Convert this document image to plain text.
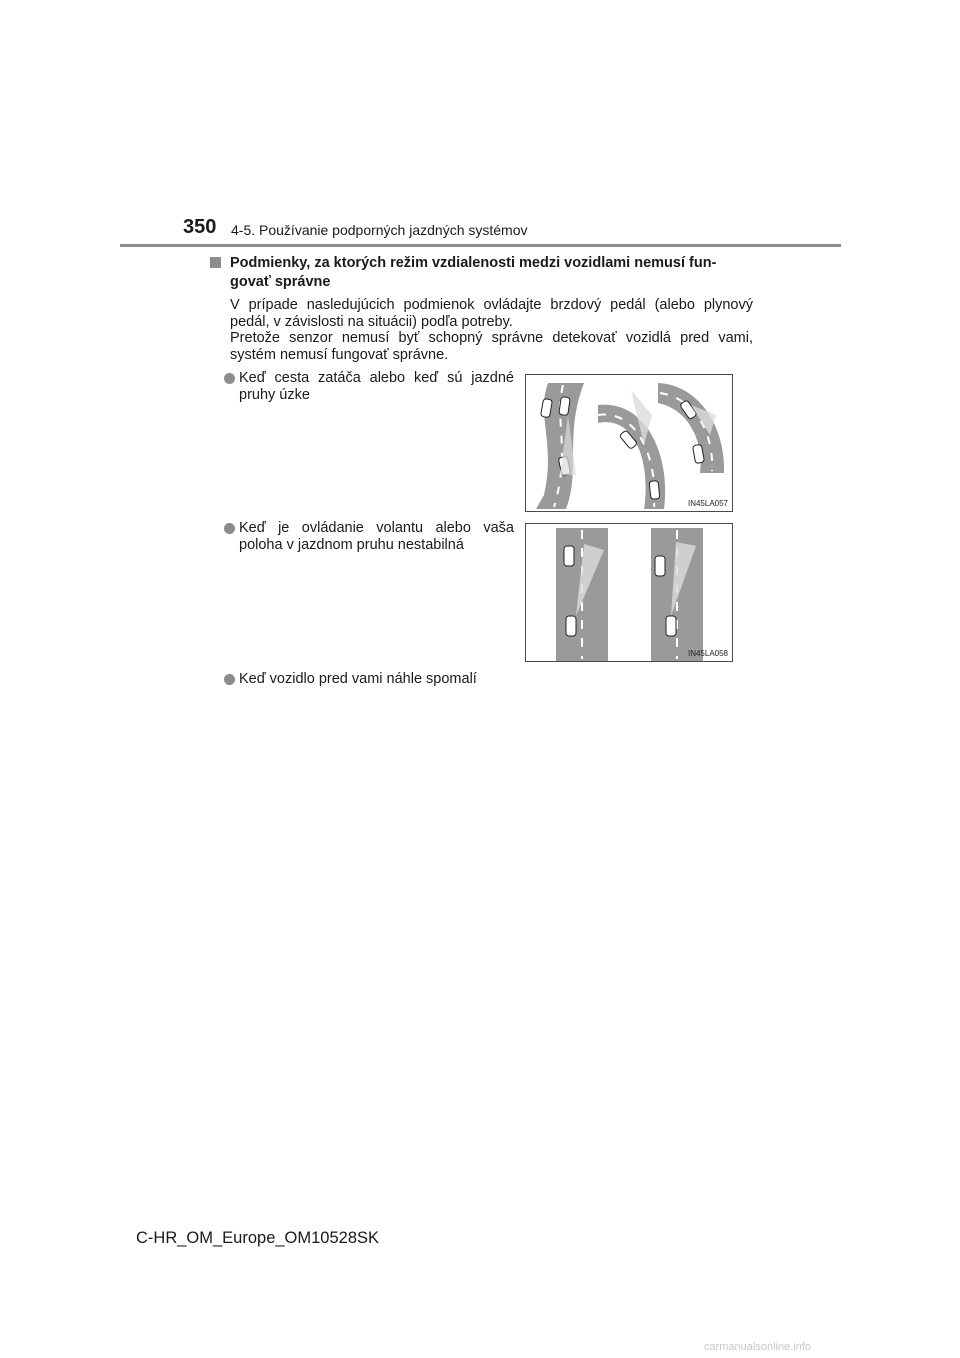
350 4-5. Používanie podporných jazdných systémov
Podmienky, za ktorých režim vzdialenosti medzi vozidlami nemusí fun-
govať správne

V prípade nasledujúcich podmienok ovládajte brzdový pedál (alebo plynový pedál, v závislosti na situácii) podľa potreby.

Pretože senzor nemusí byť schopný správne detekovať vozidlá pred vami, systém nemusí fungovať správne.

Keď cesta zatáča alebo keď sú jazdné pruhy úzke
IN45LA057
Keď je ovládanie volantu alebo vaša poloha v jazdnom pruhu nestabilná
IN45LA058
Keď vozidlo pred vami náhle spomalí
C-HR_OM_Europe_OM10528SK
carmanualsonline.info
